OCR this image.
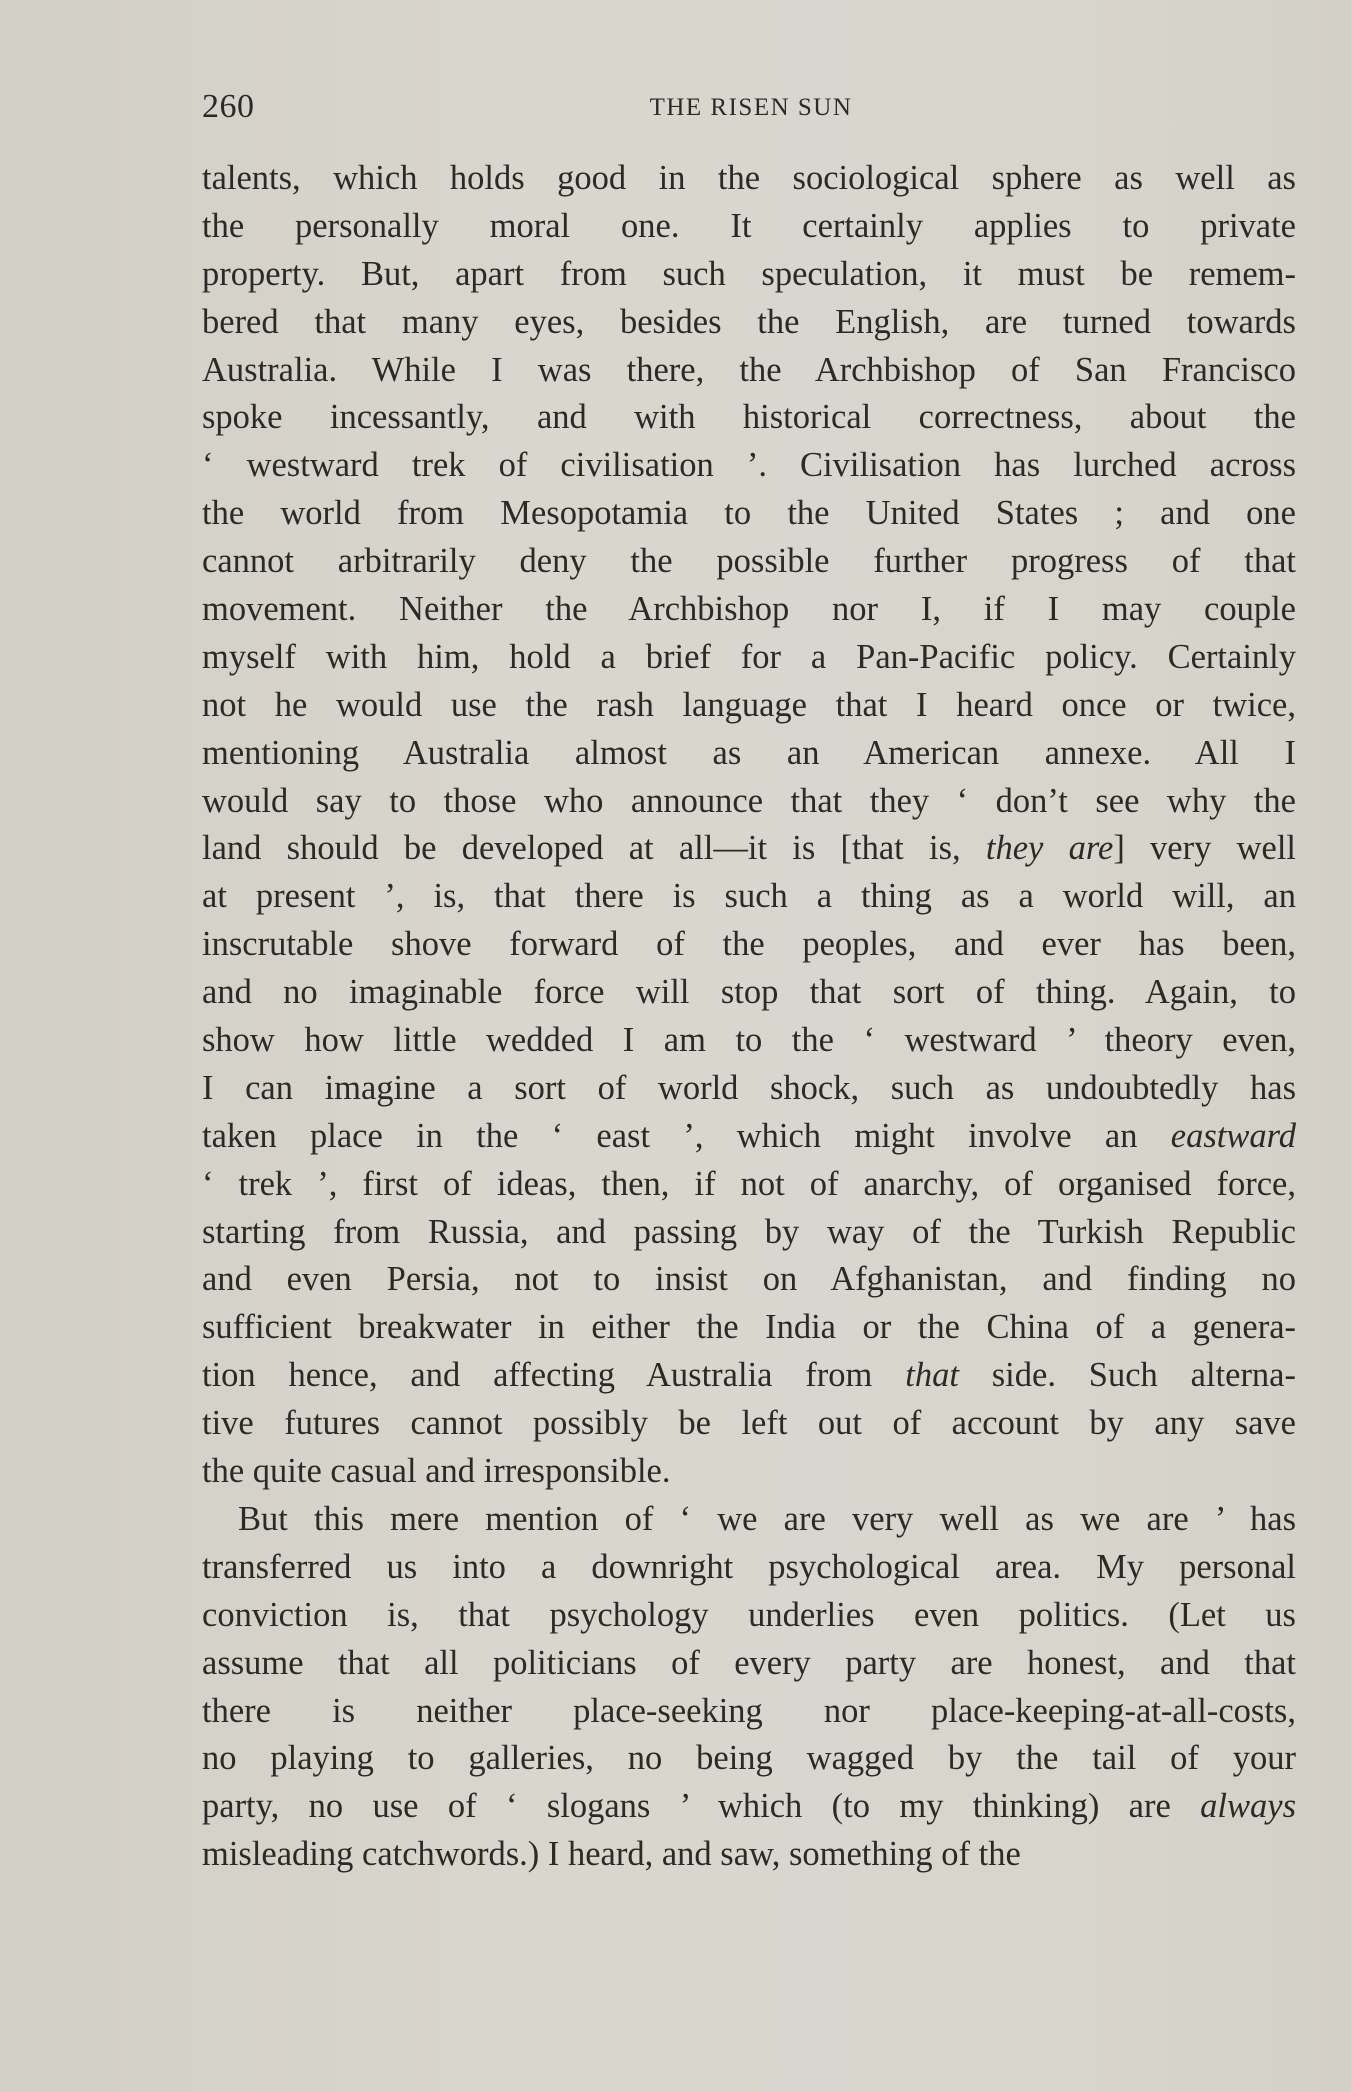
260	THE RISEN SUN
talents, which holds good in the sociological sphere as well as
the personally moral one. It certainly applies to private
property. But, apart from such speculation, it must be remem-
bered that many eyes, besides the English, are turned towards
Australia. While I was there, the Archbishop of San Francisco
spoke incessantly, and with historical correctness, about the
‘ westward trek of civilisation ’. Civilisation has lurched across
the world from Mesopotamia to the United States ; and one
cannot arbitrarily deny the possible further progress of that
movement. Neither the Archbishop nor I, if I may couple
myself with him, hold a brief for a Pan-Pacific policy. Certainly
not he would use the rash language that I heard once or twice,
mentioning Australia almost as an American annexe. All I
would say to those who announce that they ‘ don’t see why the
land should be developed at all—it is [that is, they are] very well
at present ’, is, that there is such a thing as a world will, an
inscrutable shove forward of the peoples, and ever has been,
and no imaginable force will stop that sort of thing. Again, to
show how little wedded I am to the ‘ westward ’ theory even,
I can imagine a sort of world shock, such as undoubtedly has
taken place in the ‘ east ’, which might involve an eastward
‘ trek ’, first of ideas, then, if not of anarchy, of organised force,
starting from Russia, and passing by way of the Turkish Republic
and even Persia, not to insist on Afghanistan, and finding no
sufficient breakwater in either the India or the China of a genera-
tion hence, and affecting Australia from that side. Such alterna-
tive futures cannot possibly be left out of account by any save
the quite casual and irresponsible.
But this mere mention of ‘ we are very well as we are ’ has
transferred us into a downright psychological area. My personal
conviction is, that psychology underlies even politics. (Let us
assume that all politicians of every party are honest, and that
there is neither place-seeking nor place-keeping-at-all-costs,
no playing to galleries, no being wagged by the tail of your
party, no use of ‘ slogans ’ which (to my thinking) are always
misleading catchwords.) I heard, and saw, something of the
